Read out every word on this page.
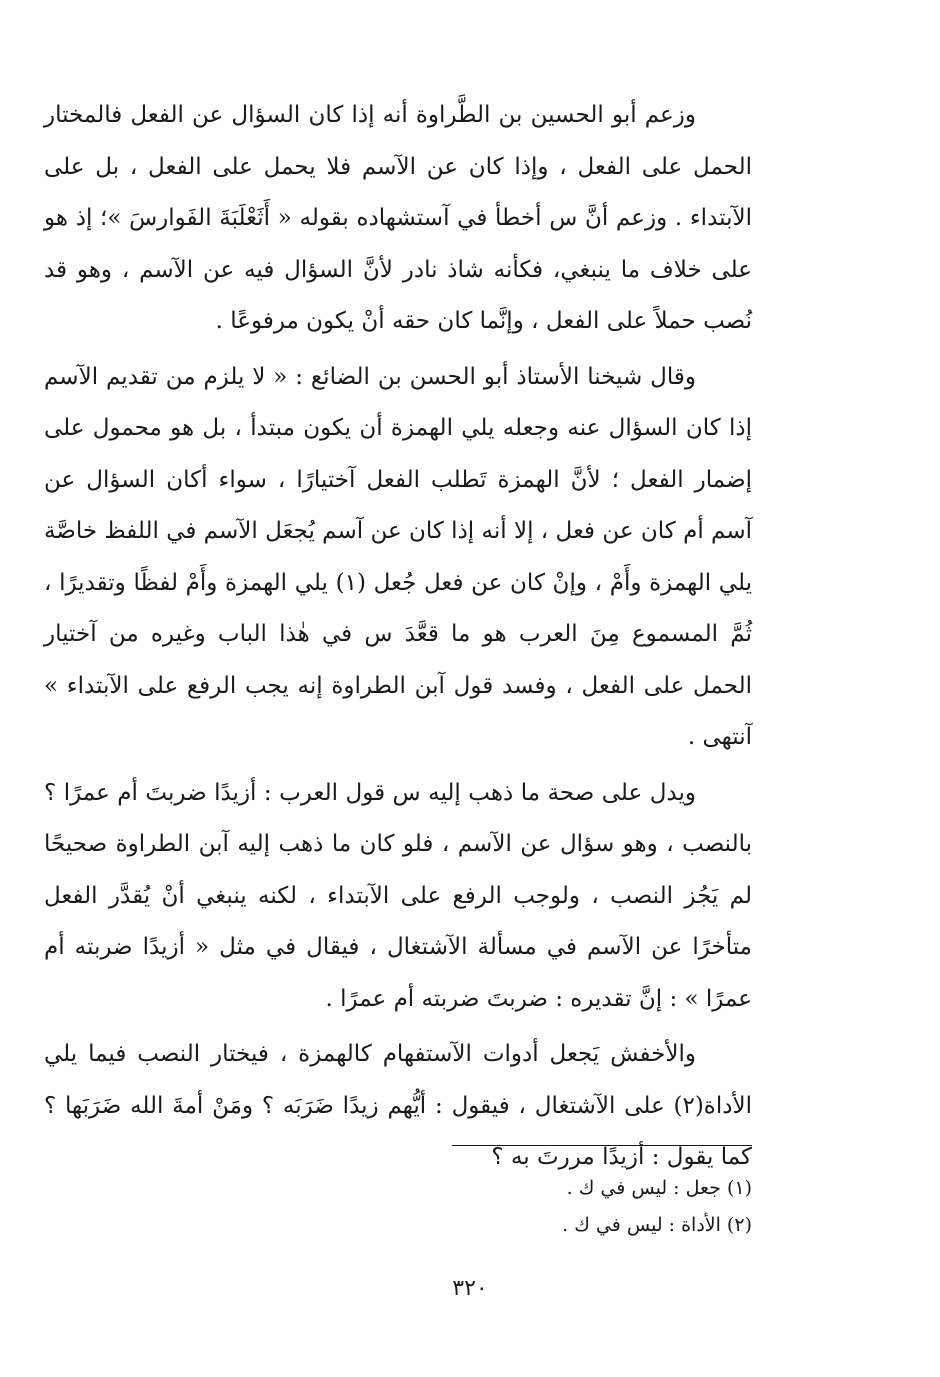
وزعم أبو الحسين بن الطَّراوة أنه إذا كان السؤال عن الفعل فالمختار الحمل على الفعل ، وإذا كان عن الآسم فلا يحمل على الفعل ، بل على الآبتداء . وزعم أنَّ س أخطأ في آستشهاده بقوله « أَثَعْلَبَةَ الفَوارسَ »؛ إذ هو على خلاف ما ينبغي، فكأنه شاذ نادر لأنَّ السؤال فيه عن الآسم ، وهو قد نُصب حملاً على الفعل ، وإنَّما كان حقه أنْ يكون مرفوعًا .

وقال شيخنا الأستاذ أبو الحسن بن الضائع : « لا يلزم من تقديم الآسم إذا كان السؤال عنه وجعله يلي الهمزة أن يكون مبتدأ ، بل هو محمول على إضمار الفعل ؛ لأنَّ الهمزة تَطلب الفعل آختيارًا ، سواء أكان السؤال عن آسم أم كان عن فعل ، إلا أنه إذا كان عن آسم يُجعَل الآسم في اللفظ خاصَّة يلي الهمزة وأَمْ ، وإنْ كان عن فعل جُعل (١) يلي الهمزة وأَمْ لفظًا وتقديرًا ، ثُمَّ المسموع مِنَ العرب هو ما قعَّدَ س في هٰذا الباب وغيره من آختيار الحمل على الفعل ، وفسد قول آبن الطراوة إنه يجب الرفع على الآبتداء » آنتهى .

ويدل على صحة ما ذهب إليه س قول العرب : أزيدًا ضربتَ أم عمرًا ؟ بالنصب ، وهو سؤال عن الآسم ، فلو كان ما ذهب إليه آبن الطراوة صحيحًا لم يَجُز النصب ، ولوجب الرفع على الآبتداء ، لكنه ينبغي أنْ يُقدَّر الفعل متأخرًا عن الآسم في مسألة الآشتغال ، فيقال في مثل « أزيدًا ضربته أم عمرًا » : إنَّ تقديره : ضربتَ ضربته أم عمرًا .

والأخفش يَجعل أدوات الآستفهام كالهمزة ، فيختار النصب فيما يلي الأداة(٢) على الآشتغال ، فيقول : أيُّهم زيدًا ضَرَبَه ؟ ومَنْ أمةَ الله ضَرَبَها ؟ كما يقول : أزيدًا مررتَ به ؟

(١) جعل : ليس في ك .

(٢) الأداة : ليس في ك .

٣٢٠
